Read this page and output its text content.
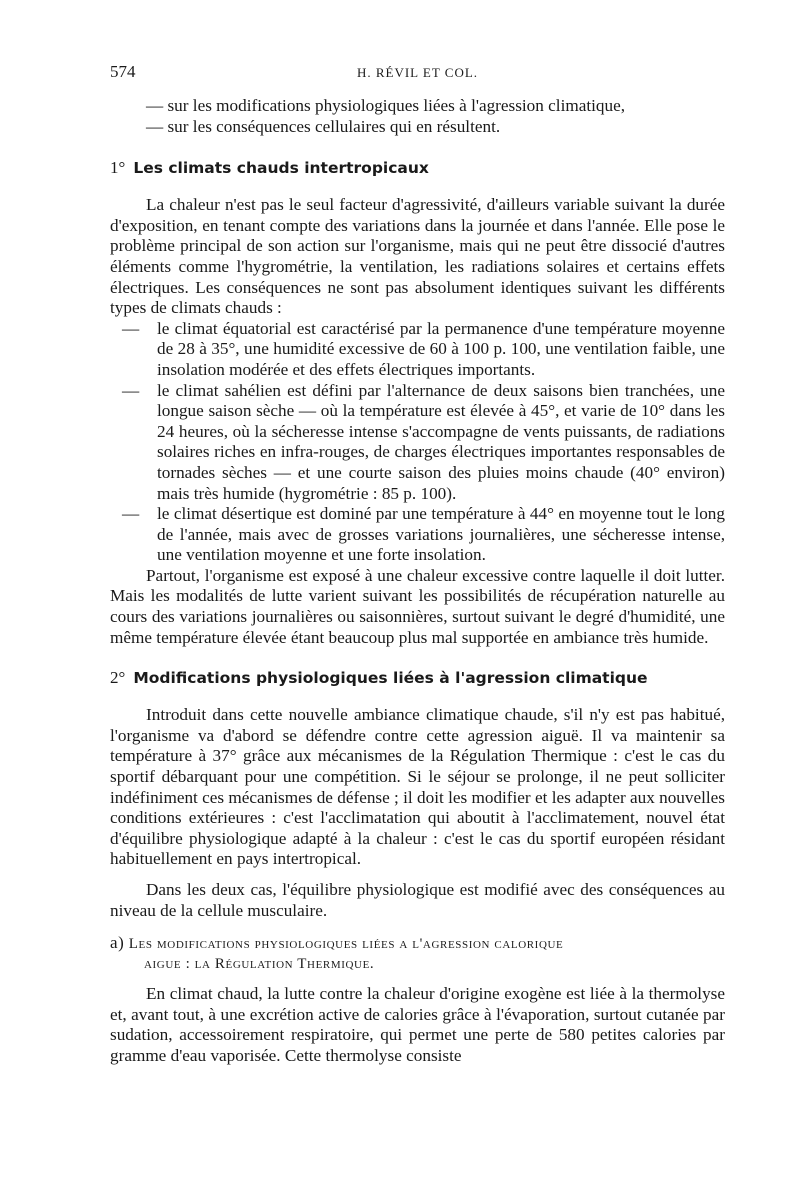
574	H. RÉVIL ET COL.

— sur les modifications physiologiques liées à l'agression climatique,

— sur les conséquences cellulaires qui en résultent.

1° Les climats chauds intertropicaux

La chaleur n'est pas le seul facteur d'agressivité, d'ailleurs variable suivant la durée d'exposition, en tenant compte des variations dans la journée et dans l'année. Elle pose le problème principal de son action sur l'organisme, mais qui ne peut être dissocié d'autres éléments comme l'hygrométrie, la ventilation, les radiations solaires et certains effets électriques. Les conséquences ne sont pas absolument identiques suivant les différents types de climats chauds :

— le climat équatorial est caractérisé par la permanence d'une température moyenne de 28 à 35°, une humidité excessive de 60 à 100 p. 100, une ventilation faible, une insolation modérée et des effets électriques importants.
— le climat sahélien est défini par l'alternance de deux saisons bien tranchées, une longue saison sèche — où la température est élevée à 45°, et varie de 10° dans les 24 heures, où la sécheresse intense s'accompagne de vents puissants, de radiations solaires riches en infra-rouges, de charges électriques importantes responsables de tornades sèches — et une courte saison des pluies moins chaude (40° environ) mais très humide (hygrométrie : 85 p. 100).
— le climat désertique est dominé par une température à 44° en moyenne tout le long de l'année, mais avec de grosses variations journalières, une sécheresse intense, une ventilation moyenne et une forte insolation.

Partout, l'organisme est exposé à une chaleur excessive contre laquelle il doit lutter. Mais les modalités de lutte varient suivant les possibilités de récupération naturelle au cours des variations journalières ou saisonnières, surtout suivant le degré d'humidité, une même température élevée étant beaucoup plus mal supportée en ambiance très humide.

2° Modifications physiologiques liées à l'agression climatique

Introduit dans cette nouvelle ambiance climatique chaude, s'il n'y est pas habitué, l'organisme va d'abord se défendre contre cette agression aiguë. Il va maintenir sa température à 37° grâce aux mécanismes de la Régulation Thermique : c'est le cas du sportif débarquant pour une compétition. Si le séjour se prolonge, il ne peut solliciter indéfiniment ces mécanismes de défense ; il doit les modifier et les adapter aux nouvelles conditions extérieures : c'est l'acclimatation qui aboutit à l'acclimatement, nouvel état d'équilibre physiologique adapté à la chaleur : c'est le cas du sportif européen résidant habituellement en pays intertropical.

Dans les deux cas, l'équilibre physiologique est modifié avec des conséquences au niveau de la cellule musculaire.

a) Les modifications physiologiques liées a l'agression calorique

aigue : la Régulation Thermique.

En climat chaud, la lutte contre la chaleur d'origine exogène est liée à la thermolyse et, avant tout, à une excrétion active de calories grâce à l'évaporation, surtout cutanée par sudation, accessoirement respiratoire, qui permet une perte de 580 petites calories par gramme d'eau vaporisée. Cette thermolyse consiste
